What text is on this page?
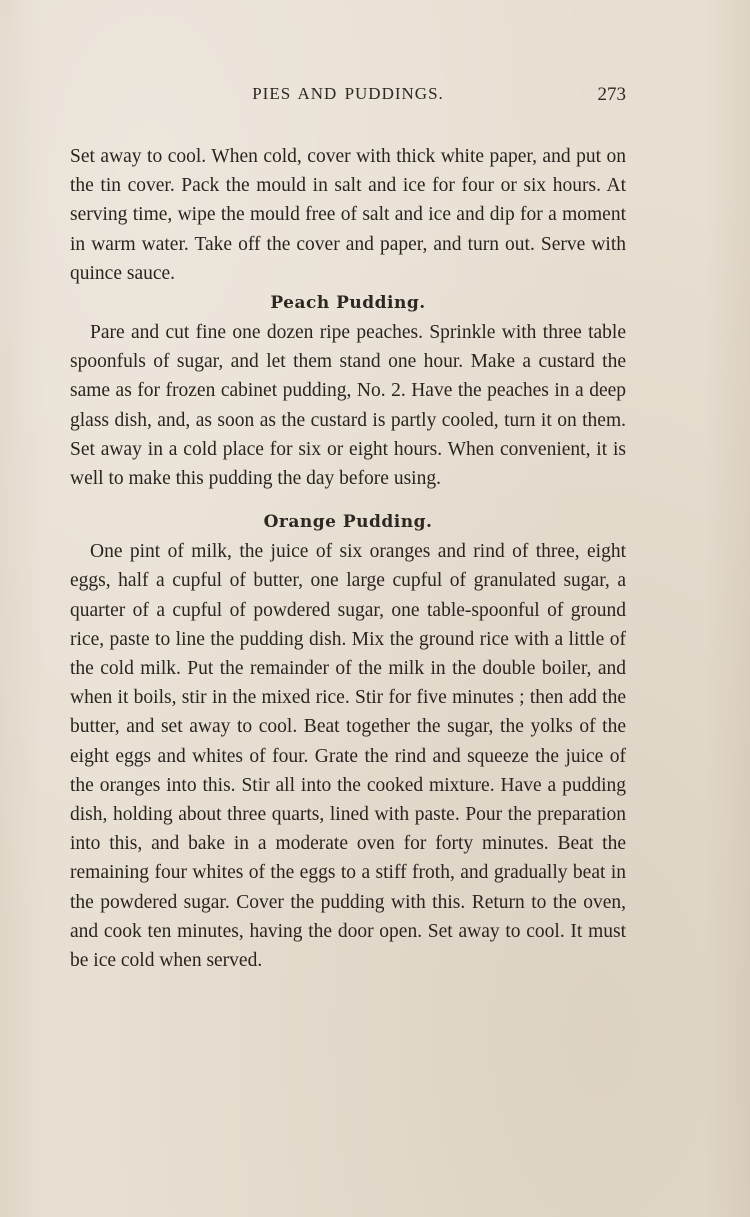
PIES AND PUDDINGS.	273

Set away to cool. When cold, cover with thick white paper, and put on the tin cover. Pack the mould in salt and ice for four or six hours. At serving time, wipe the mould free of salt and ice and dip for a moment in warm water. Take off the cover and paper, and turn out. Serve with quince sauce.

Peach Pudding.

Pare and cut fine one dozen ripe peaches. Sprinkle with three table spoonfuls of sugar, and let them stand one hour. Make a custard the same as for frozen cabinet pudding, No. 2. Have the peaches in a deep glass dish, and, as soon as the custard is partly cooled, turn it on them. Set away in a cold place for six or eight hours. When convenient, it is well to make this pudding the day before using.

Orange Pudding.

One pint of milk, the juice of six oranges and rind of three, eight eggs, half a cupful of butter, one large cupful of granulated sugar, a quarter of a cupful of powdered sugar, one table-spoonful of ground rice, paste to line the pudding dish. Mix the ground rice with a little of the cold milk. Put the remainder of the milk in the double boiler, and when it boils, stir in the mixed rice. Stir for five minutes ; then add the butter, and set away to cool. Beat together the sugar, the yolks of the eight eggs and whites of four. Grate the rind and squeeze the juice of the oranges into this. Stir all into the cooked mixture. Have a pudding dish, holding about three quarts, lined with paste. Pour the preparation into this, and bake in a moderate oven for forty minutes. Beat the remaining four whites of the eggs to a stiff froth, and gradually beat in the powdered sugar. Cover the pudding with this. Return to the oven, and cook ten minutes, having the door open. Set away to cool. It must be ice cold when served.
